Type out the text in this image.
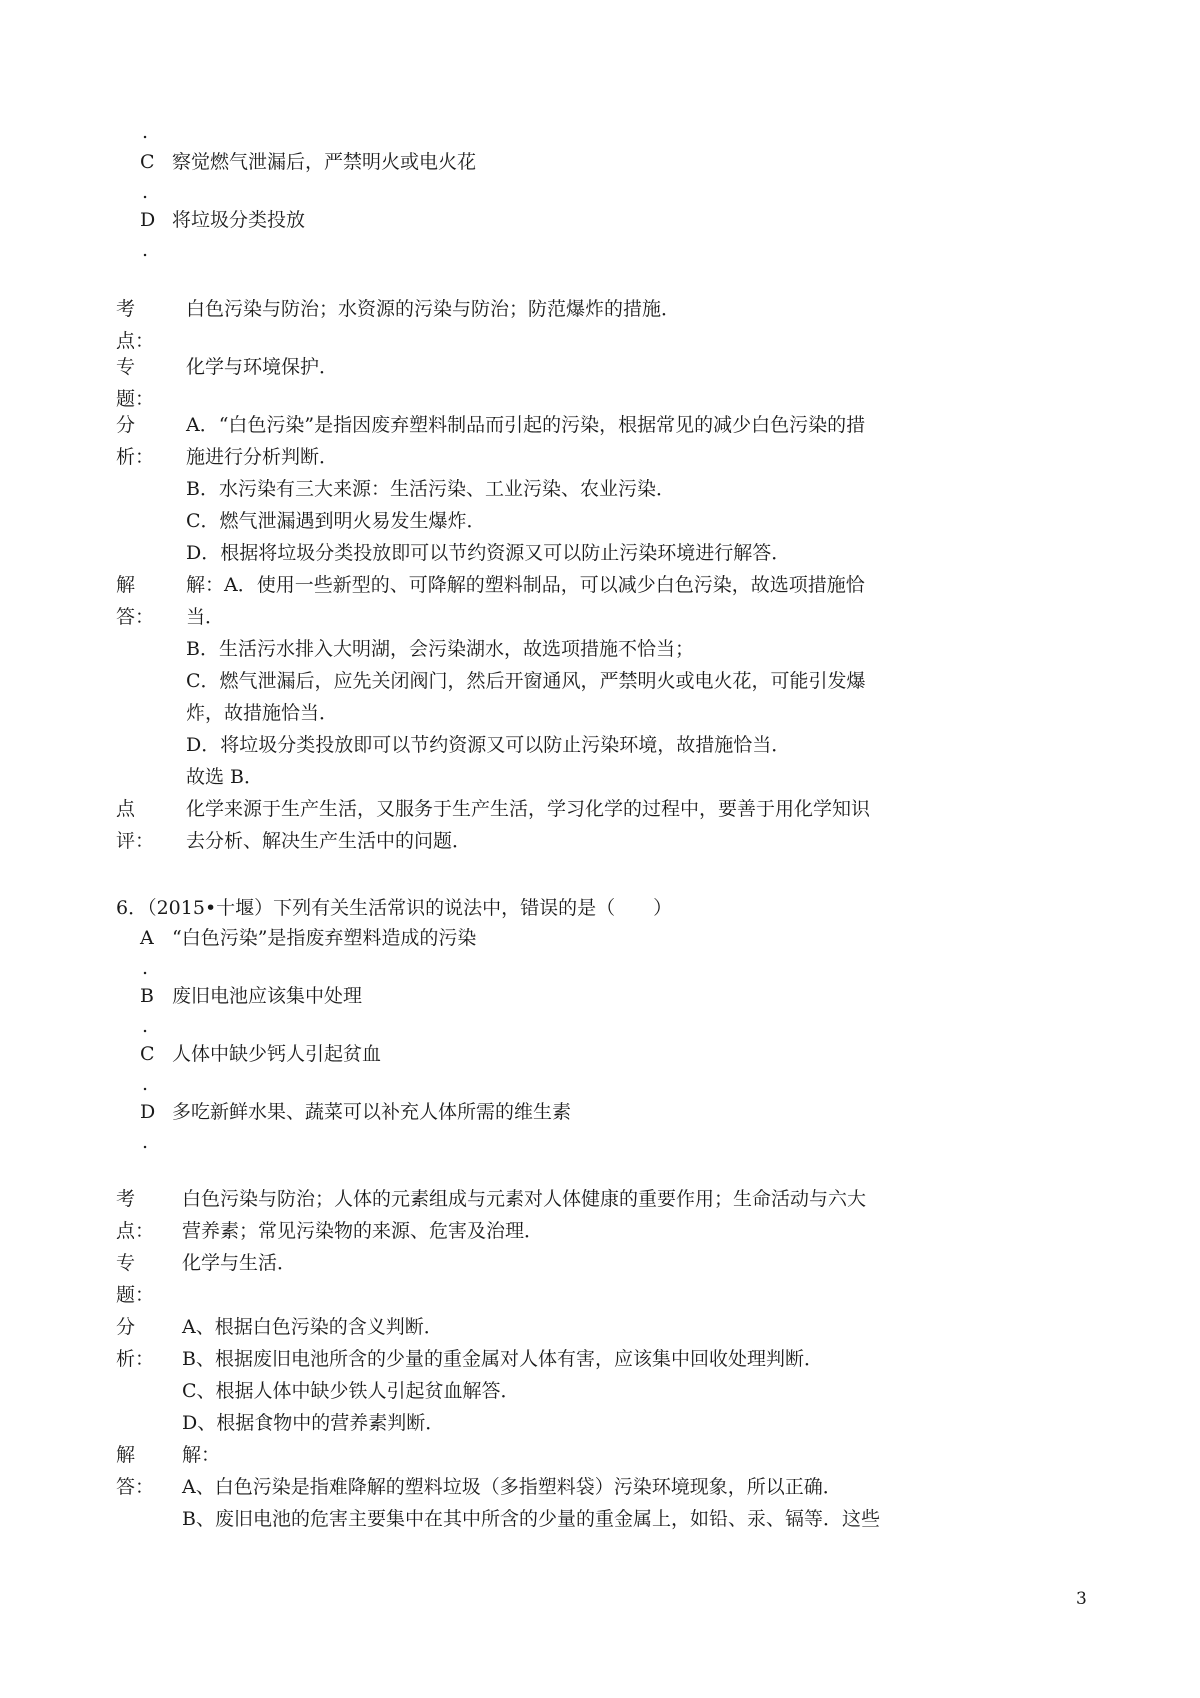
.
C 察觉燃气泄漏后，严禁明火或电火花
.
D 将垃圾分类投放
.
考
点：
白色污染与防治；水资源的污染与防治；防范爆炸的措施．
专
题：
化学与环境保护．
分
析：
A．“白色污染”是指因废弃塑料制品而引起的污染，根据常见的减少白色污染的措
施进行分析判断．
B．水污染有三大来源：生活污染、工业污染、农业污染．
C．燃气泄漏遇到明火易发生爆炸．
D．根据将垃圾分类投放即可以节约资源又可以防止污染环境进行解答．
解
答：
解：A．使用一些新型的、可降解的塑料制品，可以减少白色污染，故选项措施恰
当．
B．生活污水排入大明湖，会污染湖水，故选项措施不恰当；
C．燃气泄漏后，应先关闭阀门，然后开窗通风，严禁明火或电火花，可能引发爆
炸，故措施恰当．
D．将垃圾分类投放即可以节约资源又可以防止污染环境，故措施恰当．
故选 B．
点
评：
化学来源于生产生活，又服务于生产生活，学习化学的过程中，要善于用化学知识
去分析、解决生产生活中的问题．
6．（2015•十堰）下列有关生活常识的说法中，错误的是（　　）
A “白色污染”是指废弃塑料造成的污染
.
B 废旧电池应该集中处理
.
C 人体中缺少钙人引起贫血
.
D 多吃新鲜水果、蔬菜可以补充人体所需的维生素
.
考
点：
白色污染与防治；人体的元素组成与元素对人体健康的重要作用；生命活动与六大
营养素；常见污染物的来源、危害及治理．
专
题：
化学与生活．
分
析：
A、根据白色污染的含义判断．
B、根据废旧电池所含的少量的重金属对人体有害，应该集中回收处理判断．
C、根据人体中缺少铁人引起贫血解答．
D、根据食物中的营养素判断．
解
答：
解：
A、白色污染是指难降解的塑料垃圾（多指塑料袋）污染环境现象，所以正确．
B、废旧电池的危害主要集中在其中所含的少量的重金属上，如铅、汞、镉等．这些
3
